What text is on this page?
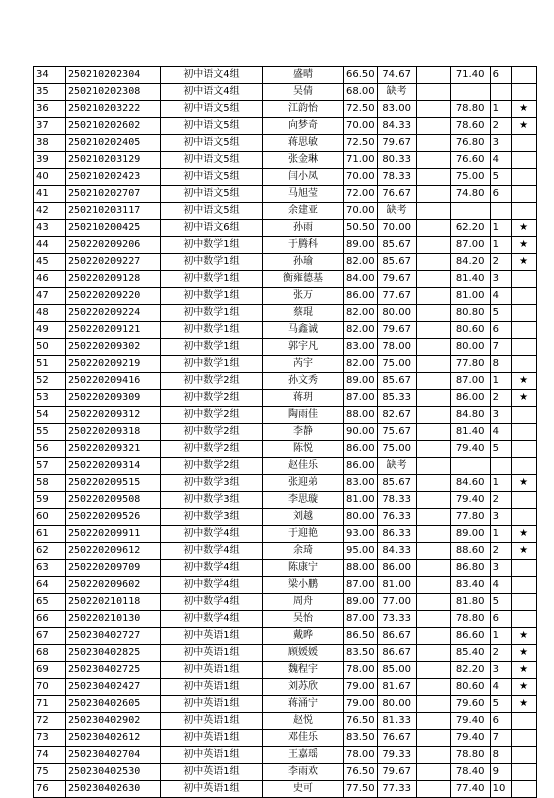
34	250210202304	初中语文4组	盛晴	66.50	74.67		71.40	6	
35	250210202308	初中语文4组	吴倩	68.00	缺考				
36	250210203222	初中语文5组	江韵怡	72.50	83.00		78.80	1	★
37	250210202602	初中语文5组	向梦奇	70.00	84.33		78.60	2	★
38	250210202405	初中语文5组	蒋思敏	72.50	79.67		76.80	3	
39	250210203129	初中语文5组	张金琳	71.00	80.33		76.60	4	
40	250210202423	初中语文5组	闫小凤	70.00	78.33		75.00	5	
41	250210202707	初中语文5组	马旭莹	72.00	76.67		74.80	6	
42	250210203117	初中语文5组	余建亚	70.00	缺考				
43	250210200425	初中语文6组	孙雨	50.50	70.00		62.20	1	★
44	250220209206	初中数学1组	于腾科	89.00	85.67		87.00	1	★
45	250220209227	初中数学1组	孙瑜	82.00	85.67		84.20	2	★
46	250220209128	初中数学1组	衡雍德基	84.00	79.67		81.40	3	
47	250220209220	初中数学1组	张万	86.00	77.67		81.00	4	
48	250220209224	初中数学1组	蔡琨	82.00	80.00		80.80	5	
49	250220209121	初中数学1组	马鑫诚	82.00	79.67		80.60	6	
50	250220209302	初中数学1组	郭宇凡	83.00	78.00		80.00	7	
51	250220209219	初中数学1组	芮宇	82.00	75.00		77.80	8	
52	250220209416	初中数学2组	孙文秀	89.00	85.67		87.00	1	★
53	250220209309	初中数学2组	蒋玥	87.00	85.33		86.00	2	★
54	250220209312	初中数学2组	陶雨佳	88.00	82.67		84.80	3	
55	250220209318	初中数学2组	李静	90.00	75.67		81.40	4	
56	250220209321	初中数学2组	陈悦	86.00	75.00		79.40	5	
57	250220209314	初中数学2组	赵佳乐	86.00	缺考				
58	250220209515	初中数学3组	张迎弟	83.00	85.67		84.60	1	★
59	250220209508	初中数学3组	李思璇	81.00	78.33		79.40	2	
60	250220209526	初中数学3组	刘越	80.00	76.33		77.80	3	
61	250220209911	初中数学4组	于迎艳	93.00	86.33		89.00	1	★
62	250220209612	初中数学4组	余琦	95.00	84.33		88.60	2	★
63	250220209709	初中数学4组	陈康宁	88.00	86.00		86.80	3	
64	250220209602	初中数学4组	梁小鹏	87.00	81.00		83.40	4	
65	250220210118	初中数学4组	周舟	89.00	77.00		81.80	5	
66	250220210130	初中数学4组	吴怡	87.00	73.33		78.80	6	
67	250230402727	初中英语1组	戴晔	86.50	86.67		86.60	1	★
68	250230402825	初中英语1组	顾媛媛	83.50	86.67		85.40	2	★
69	250230402725	初中英语1组	魏程宇	78.00	85.00		82.20	3	★
70	250230402427	初中英语1组	刘苏欣	79.00	81.67		80.60	4	★
71	250230402605	初中英语1组	蒋涌宁	79.00	80.00		79.60	5	★
72	250230402902	初中英语1组	赵悦	76.50	81.33		79.40	6	
73	250230402612	初中英语1组	邓佳乐	83.50	76.67		79.40	7	
74	250230402704	初中英语1组	王嘉瑶	78.00	79.33		78.80	8	
75	250230402530	初中英语1组	李雨欢	76.50	79.67		78.40	9	
76	250230402630	初中英语1组	史可	77.50	77.33		77.40	10	
